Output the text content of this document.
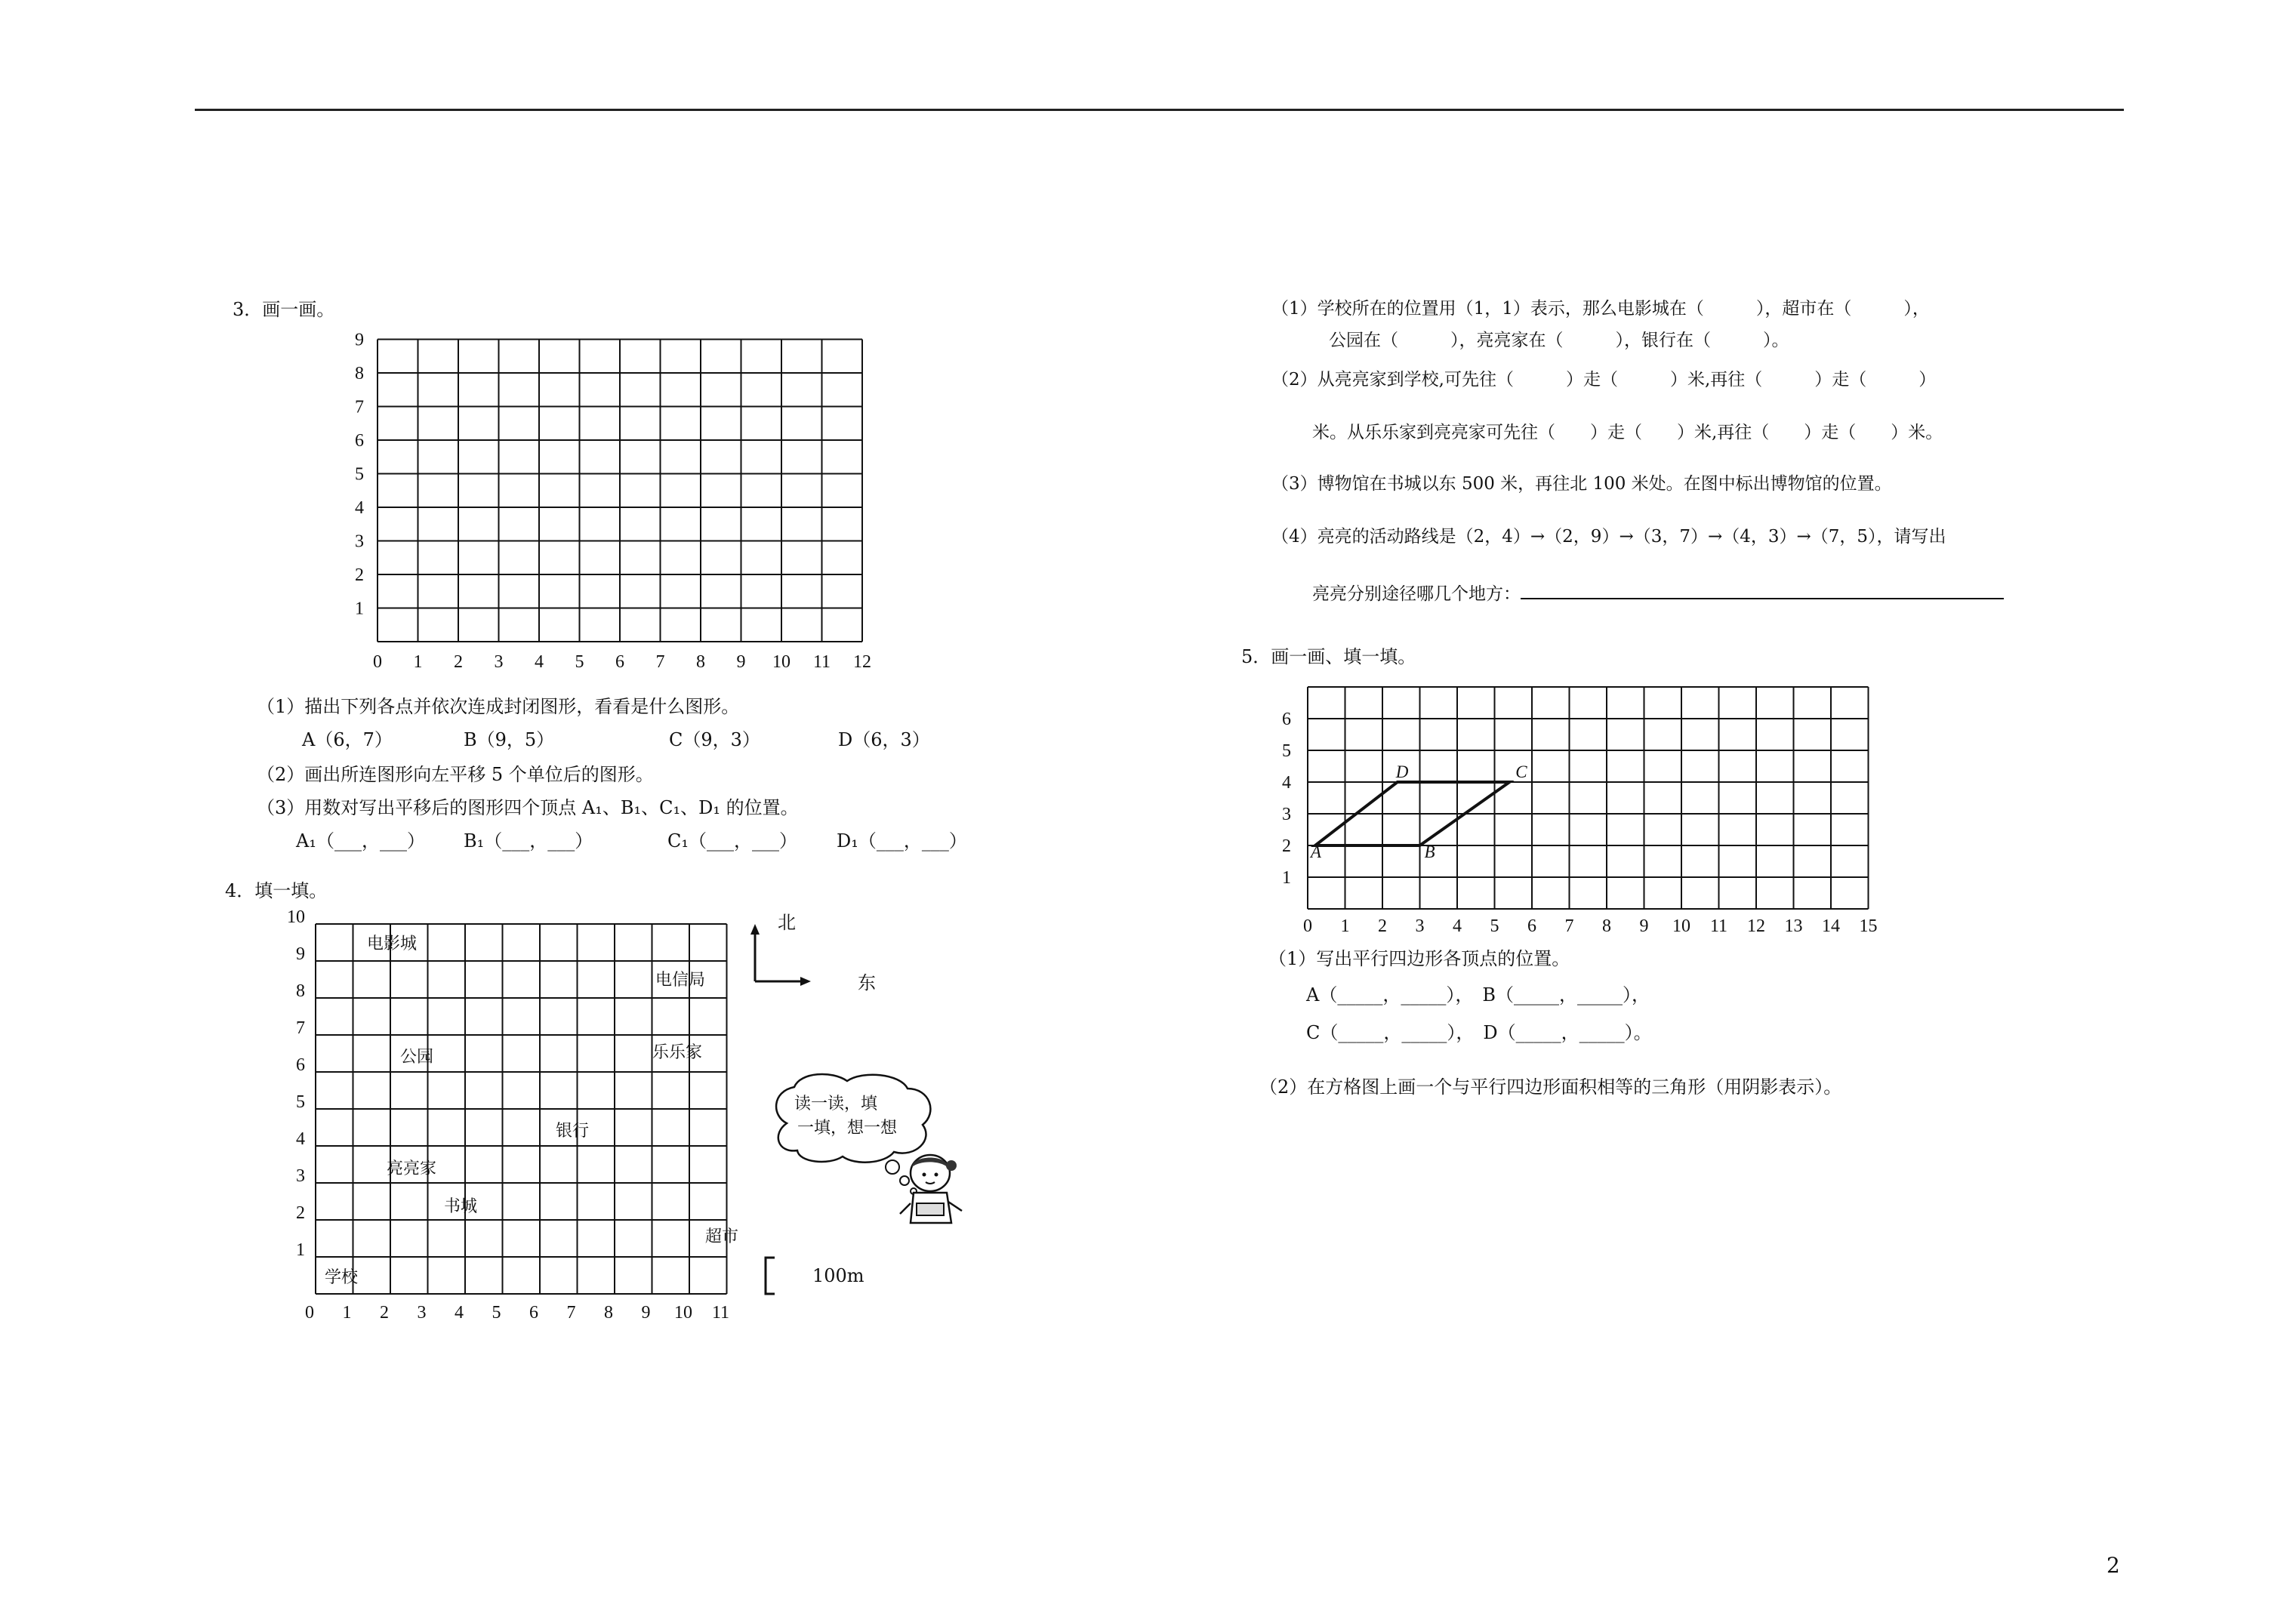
3．画一画。
0 1 2 3 4 5 6 7 8 9 10 11 12
1
2
3
4
5
6
7
8
9
（1）描出下列各点并依次连成封闭图形，看看是什么图形。
A（6，7）	B（9，5）	C（9，3）	D（6，3）
（2）画出所连图形向左平移 5 个单位后的图形。
（3）用数对写出平移后的图形四个顶点 A₁、B₁、C₁、D₁ 的位置。
A₁（___，___） B₁（___，___）	C₁（___，___） D₁（___，___）
4．填一填。
0 1 2 3 4 5 6 7 8 9 10 11
1
2
3
4
5
6
7
8
9
10
电影城
电信局
公园	乐乐家
银行
亮亮家
书城
超市
学校
北
东
100m
读一读，填
一填，想一想
（1）学校所在的位置用（1，1）表示，那么电影城在（　　　），超市在（　　　），
公园在（　　　），亮亮家在（　　　），银行在（　　　）。
（2）从亮亮家到学校,可先往（　　　）走（　　　）米,再往（　　　）走（　　　）
米。从乐乐家到亮亮家可先往（　　）走（　　）米,再往（　　）走（　　）米。
（3）博物馆在书城以东 500 米，再往北 100 米处。在图中标出博物馆的位置。
（4）亮亮的活动路线是（2，4）→（2，9）→（3，7）→（4，3）→（7，5），请写出
亮亮分别途径哪几个地方：
5．画一画、填一填。
0 1 2 3 4 5 6 7 8 9 10 11 12 13 14 15
1
2
3
4
5
6
A	B
C
D
（1）写出平行四边形各顶点的位置。
A（_____，_____），　B（_____，_____），
C（_____，_____），　D（_____，_____）。
（2）在方格图上画一个与平行四边形面积相等的三角形（用阴影表示）。
2
